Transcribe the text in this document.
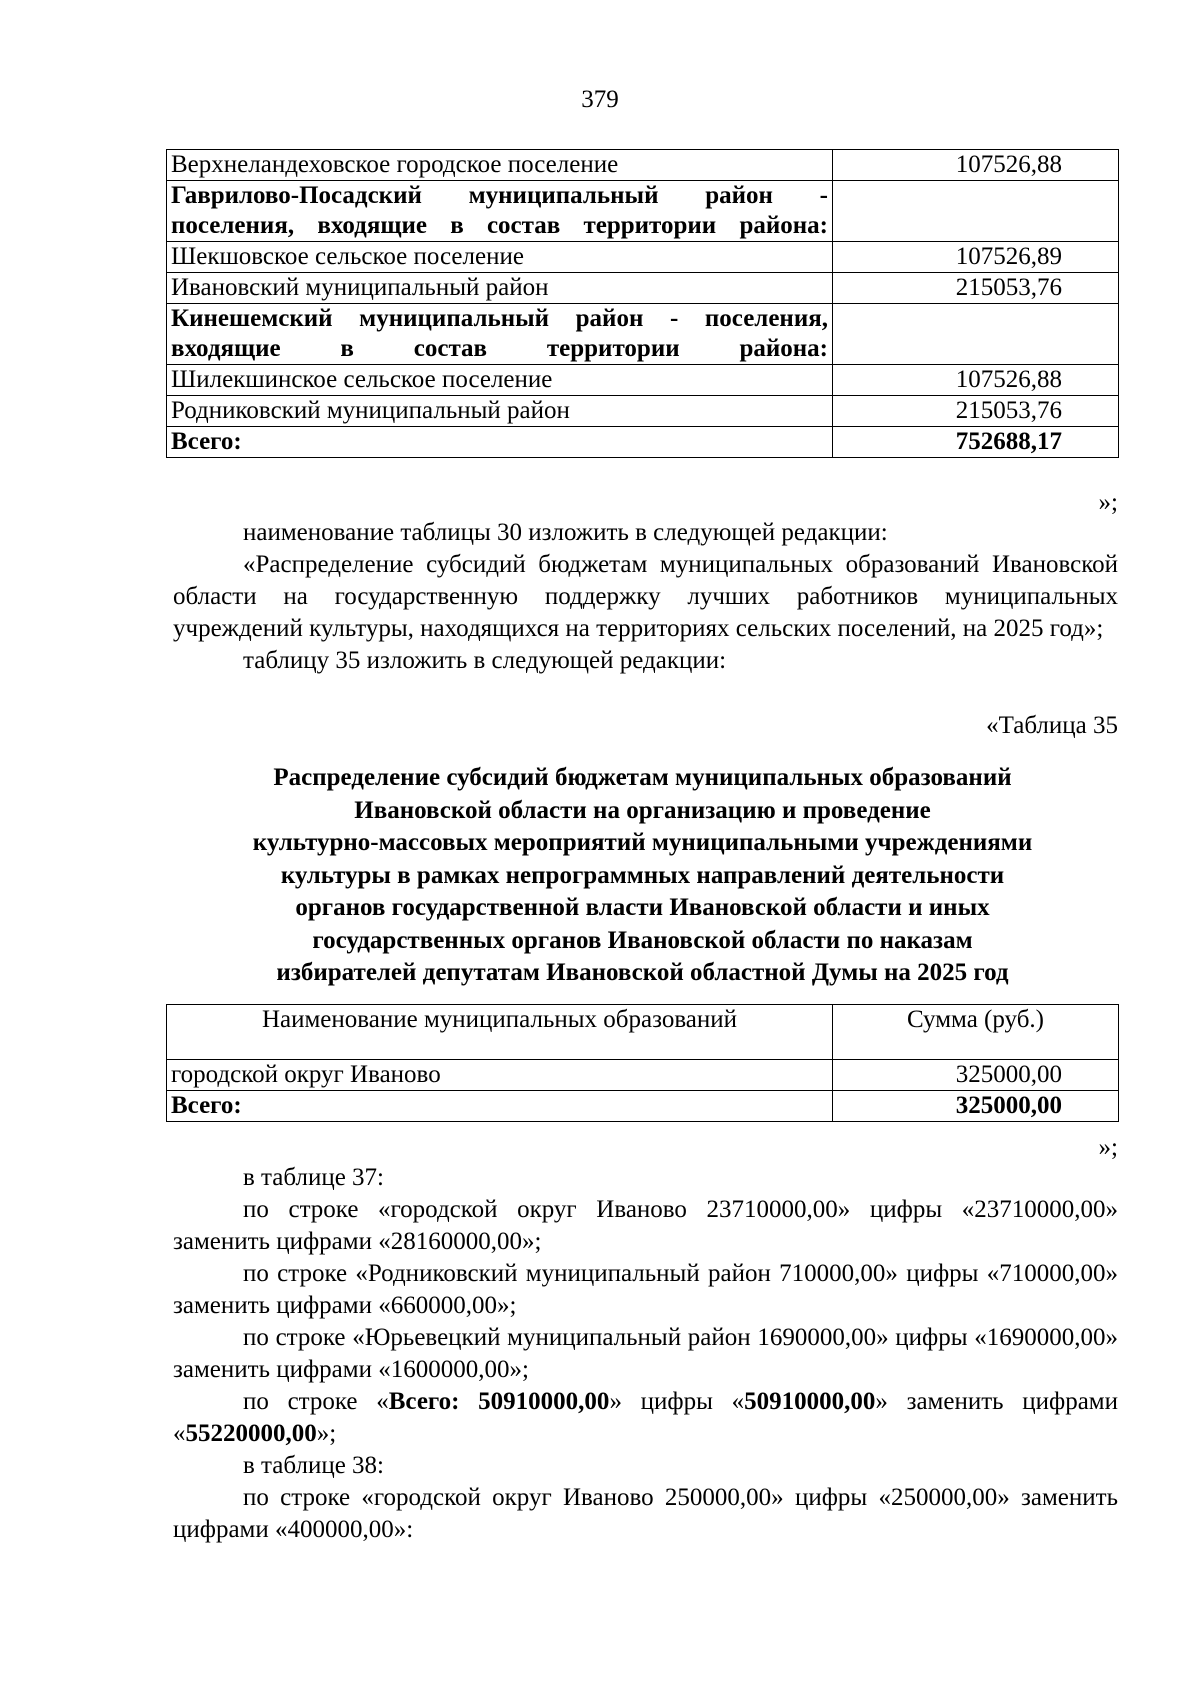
379
Верхнеландеховское городское поселение	107526,88
Гаврилово-Посадский муниципальный район - поселения, входящие в состав территории района:	
Шекшовское сельское поселение	107526,89
Ивановский муниципальный район	215053,76
Кинешемский муниципальный район - поселения, входящие в состав территории района:	
Шилекшинское сельское поселение	107526,88
Родниковский муниципальный район	215053,76
Всего:	752688,17
»;
наименование таблицы 30 изложить в следующей редакции:
«Распределение субсидий бюджетам муниципальных образований Ивановской области на государственную поддержку лучших работников муниципальных учреждений культуры, находящихся на территориях сельских поселений, на 2025 год»;
таблицу 35 изложить в следующей редакции:
«Таблица 35
Распределение субсидий бюджетам муниципальных образований
Ивановской области на организацию и проведение
культурно-массовых мероприятий муниципальными учреждениями
культуры в рамках непрограммных направлений деятельности
органов государственной власти Ивановской области и иных
государственных органов Ивановской области по наказам
избирателей депутатам Ивановской областной Думы на 2025 год
Наименование муниципальных образований	Сумма (руб.)
городской округ Иваново	325000,00
Всего:	325000,00
»;
в таблице 37:
по строке «городской округ Иваново 23710000,00» цифры «23710000,00» заменить цифрами «28160000,00»;
по строке «Родниковский муниципальный район 710000,00» цифры «710000,00» заменить цифрами «660000,00»;
по строке «Юрьевецкий муниципальный район 1690000,00» цифры «1690000,00» заменить цифрами «1600000,00»;
по строке «Всего: 50910000,00» цифры «50910000,00» заменить цифрами «55220000,00»;
в таблице 38:
по строке «городской округ Иваново 250000,00» цифры «250000,00» заменить цифрами «400000,00»:
